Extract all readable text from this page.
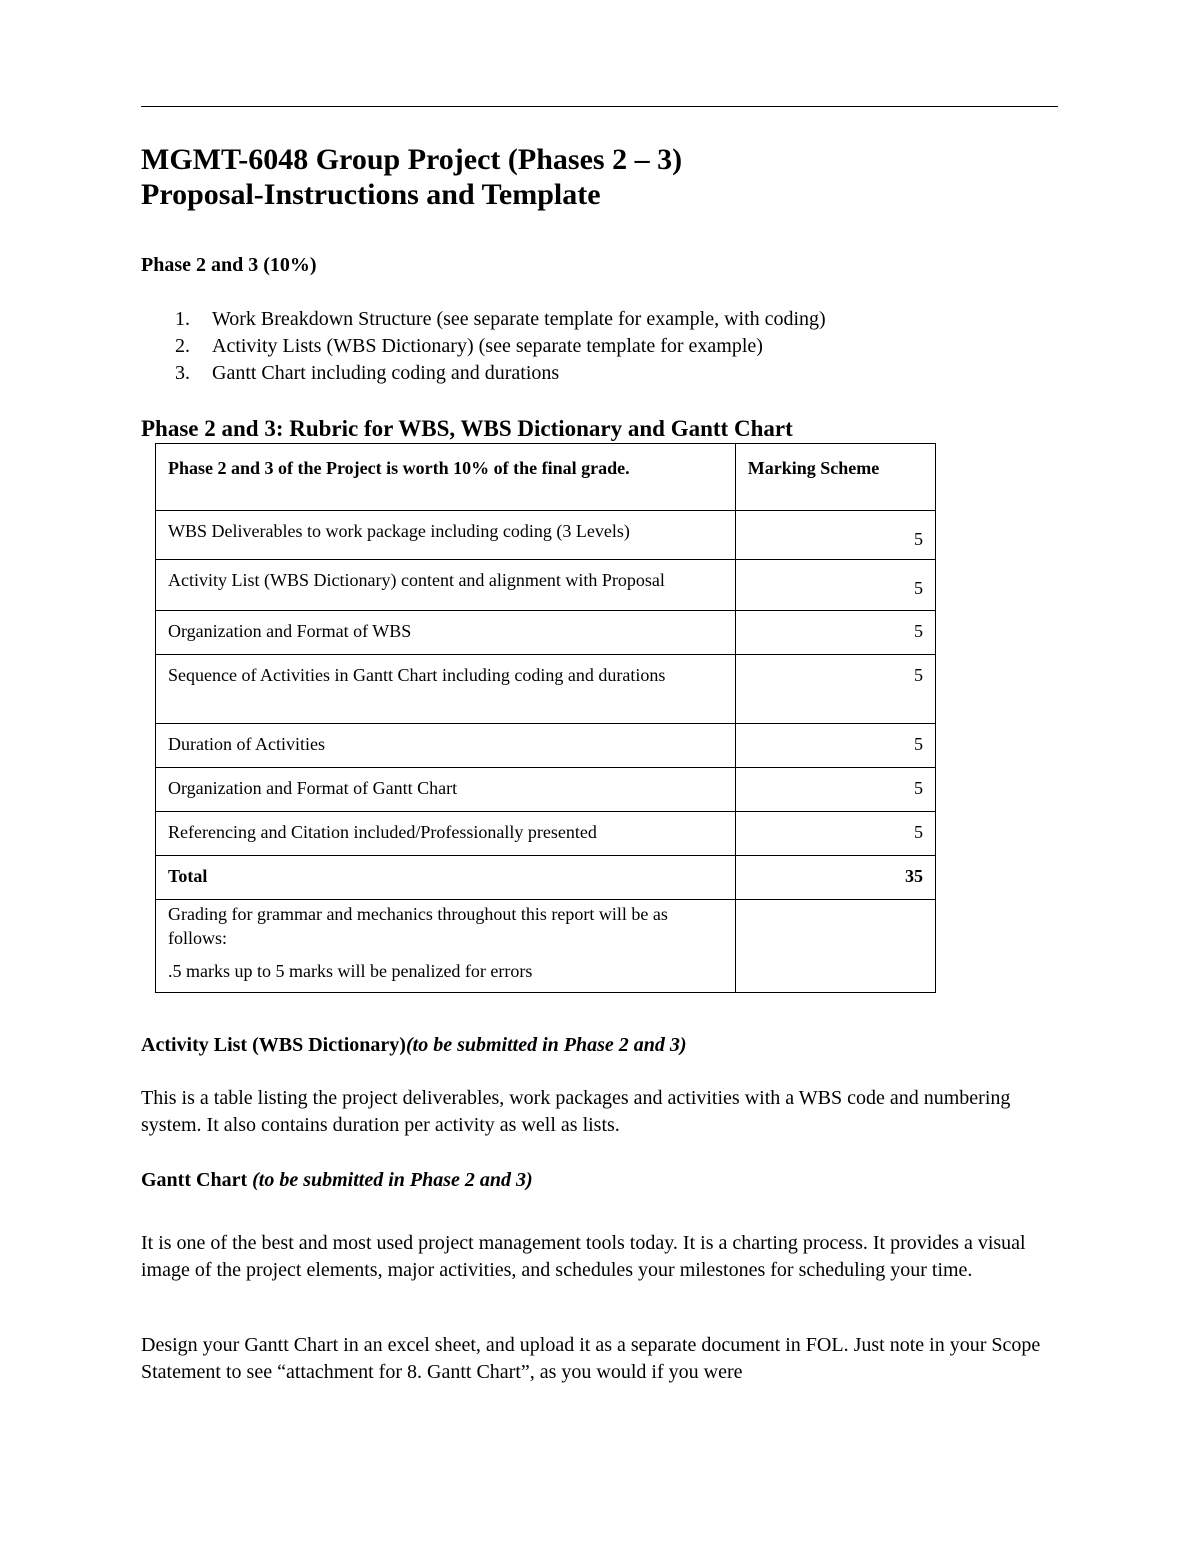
MGMT-6048 Group Project (Phases 2 – 3)
Proposal-Instructions and Template
Phase 2 and 3 (10%)
1.	Work Breakdown Structure (see separate template for example, with coding)
2.	Activity Lists (WBS Dictionary) (see separate template for example)
3.	Gantt Chart including coding and durations
Phase 2 and 3: Rubric for WBS, WBS Dictionary and Gantt Chart
Phase 2 and 3 of the Project is worth 10% of the final grade.	Marking Scheme
WBS Deliverables to work package including coding (3 Levels)	5
Activity List (WBS Dictionary) content and alignment with Proposal	5
Organization and Format of WBS	5
Sequence of Activities in Gantt Chart including coding and durations	5
Duration of Activities	5
Organization and Format of Gantt Chart	5
Referencing and Citation included/Professionally presented	5
Total	35

Grading for grammar and mechanics throughout this report will be as follows:

.5 marks up to 5 marks will be penalized for errors	

Activity List (WBS Dictionary)(to be submitted in Phase 2 and 3)

This is a table listing the project deliverables, work packages and activities with a WBS code and numbering system. It also contains duration per activity as well as lists.

Gantt Chart (to be submitted in Phase 2 and 3)

It is one of the best and most used project management tools today. It is a charting process. It provides a visual image of the project elements, major activities, and schedules your milestones for scheduling your time.

Design your Gantt Chart in an excel sheet, and upload it as a separate document in FOL. Just note in your Scope Statement to see “attachment for 8. Gantt Chart”, as you would if you were
